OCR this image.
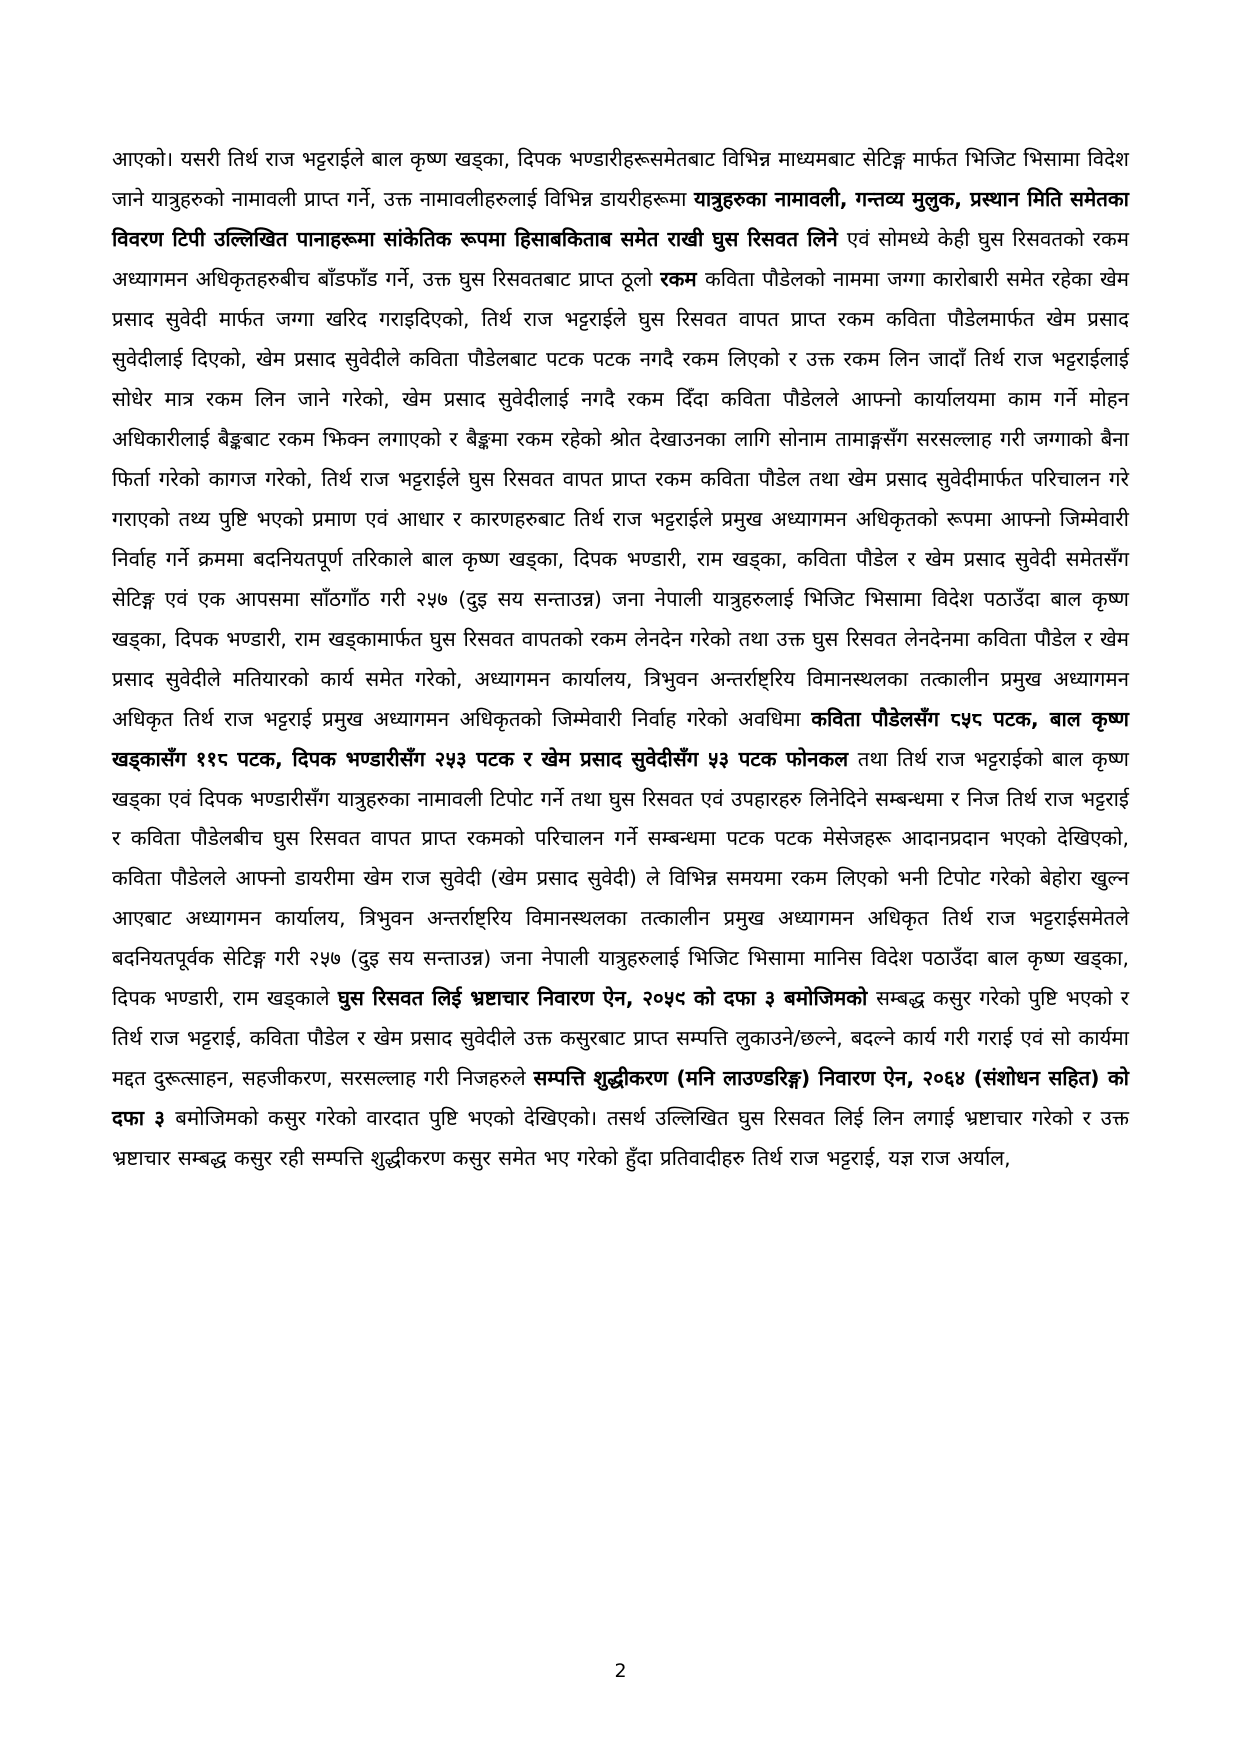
आएको। यसरी तिर्थ राज भट्टराईले बाल कृष्ण खड्का, दिपक भण्डारीहरूसमेतबाट विभिन्न माध्यमबाट सेटिङ्ग मार्फत भिजिट भिसामा विदेश जाने यात्रुहरुको नामावली प्राप्त गर्ने, उक्त नामावलीहरुलाई विभिन्न डायरीहरूमा यात्रुहरुका नामावली, गन्तव्य मुलुक, प्रस्थान मिति समेतका विवरण टिपी उल्लिखित पानाहरूमा सांकेतिक रूपमा हिसाबकिताब समेत राखी घुस रिसवत लिने एवं सोमध्ये केही घुस रिसवतको रकम अध्यागमन अधिकृतहरुबीच बाँडफाँड गर्ने, उक्त घुस रिसवतबाट प्राप्त ठूलो रकम कविता पौडेलको नाममा जग्गा कारोबारी समेत रहेका खेम प्रसाद सुवेदी मार्फत जग्गा खरिद गराइदिएको, तिर्थ राज भट्टराईले घुस रिसवत वापत प्राप्त रकम कविता पौडेलमार्फत खेम प्रसाद सुवेदीलाई दिएको, खेम प्रसाद सुवेदीले कविता पौडेलबाट पटक पटक नगदै रकम लिएको र उक्त रकम लिन जादाँ तिर्थ राज भट्टराईलाई सोधेर मात्र रकम लिन जाने गरेको, खेम प्रसाद सुवेदीलाई नगदै रकम दिँदा कविता पौडेलले आफ्नो कार्यालयमा काम गर्ने मोहन अधिकारीलाई बैङ्कबाट रकम झिक्न लगाएको र बैङ्कमा रकम रहेको श्रोत देखाउनका लागि सोनाम तामाङ्गसँग सरसल्लाह गरी जग्गाको बैना फिर्ता गरेको कागज गरेको, तिर्थ राज भट्टराईले घुस रिसवत वापत प्राप्त रकम कविता पौडेल तथा खेम प्रसाद सुवेदीमार्फत परिचालन गरे गराएको तथ्य पुष्टि भएको प्रमाण एवं आधार र कारणहरुबाट तिर्थ राज भट्टराईले प्रमुख अध्यागमन अधिकृतको रूपमा आफ्नो जिम्मेवारी निर्वाह गर्ने क्रममा बदनियतपूर्ण तरिकाले बाल कृष्ण खड्का, दिपक भण्डारी, राम खड्का, कविता पौडेल र खेम प्रसाद सुवेदी समेतसँग सेटिङ्ग एवं एक आपसमा साँठगाँठ गरी २५७ (दुइ सय सन्ताउन्न) जना नेपाली यात्रुहरुलाई भिजिट भिसामा विदेश पठाउँदा बाल कृष्ण खड्का, दिपक भण्डारी, राम खड्कामार्फत घुस रिसवत वापतको रकम लेनदेन गरेको तथा उक्त घुस रिसवत लेनदेनमा कविता पौडेल र खेम प्रसाद सुवेदीले मतियारको कार्य समेत गरेको, अध्यागमन कार्यालय, त्रिभुवन अन्तर्राष्ट्रिय विमानस्थलका तत्कालीन प्रमुख अध्यागमन अधिकृत तिर्थ राज भट्टराई प्रमुख अध्यागमन अधिकृतको जिम्मेवारी निर्वाह गरेको अवधिमा कविता पौडेलसँग ८५८ पटक, बाल कृष्ण खड्कासँग ११८ पटक, दिपक भण्डारीसँग २५३ पटक र खेम प्रसाद सुवेदीसँग ५३ पटक फोनकल तथा तिर्थ राज भट्टराईको बाल कृष्ण खड्का एवं दिपक भण्डारीसँग यात्रुहरुका नामावली टिपोट गर्ने तथा घुस रिसवत एवं उपहारहरु लिनेदिने सम्बन्धमा र निज तिर्थ राज भट्टराई र कविता पौडेलबीच घुस रिसवत वापत प्राप्त रकमको परिचालन गर्ने सम्बन्धमा पटक पटक मेसेजहरू आदानप्रदान भएको देखिएको, कविता पौडेलले आफ्नो डायरीमा खेम राज सुवेदी (खेम प्रसाद सुवेदी) ले विभिन्न समयमा रकम लिएको भनी टिपोट गरेको बेहोरा खुल्न आएबाट अध्यागमन कार्यालय, त्रिभुवन अन्तर्राष्ट्रिय विमानस्थलका तत्कालीन प्रमुख अध्यागमन अधिकृत तिर्थ राज भट्टराईसमेतले बदनियतपूर्वक सेटिङ्ग गरी २५७ (दुइ सय सन्ताउन्न) जना नेपाली यात्रुहरुलाई भिजिट भिसामा मानिस विदेश पठाउँदा बाल कृष्ण खड्का, दिपक भण्डारी, राम खड्काले घुस रिसवत लिई भ्रष्टाचार निवारण ऐन, २०५९ को दफा ३ बमोजिमको सम्बद्ध कसुर गरेको पुष्टि भएको र तिर्थ राज भट्टराई, कविता पौडेल र खेम प्रसाद सुवेदीले उक्त कसुरबाट प्राप्त सम्पत्ति लुकाउने/छल्ने, बदल्ने कार्य गरी गराई एवं सो कार्यमा मद्दत दुरूत्साहन, सहजीकरण, सरसल्लाह गरी निजहरुले सम्पत्ति शुद्धीकरण (मनि लाउण्डरिङ्ग) निवारण ऐन, २०६४ (संशोधन सहित) को दफा ३ बमोजिमको कसुर गरेको वारदात पुष्टि भएको देखिएको। तसर्थ उल्लिखित घुस रिसवत लिई लिन लगाई भ्रष्टाचार गरेको र उक्त भ्रष्टाचार सम्बद्ध कसुर रही सम्पत्ति शुद्धीकरण कसुर समेत भए गरेको हुँदा प्रतिवादीहरु तिर्थ राज भट्टराई, यज्ञ राज अर्याल,

2
